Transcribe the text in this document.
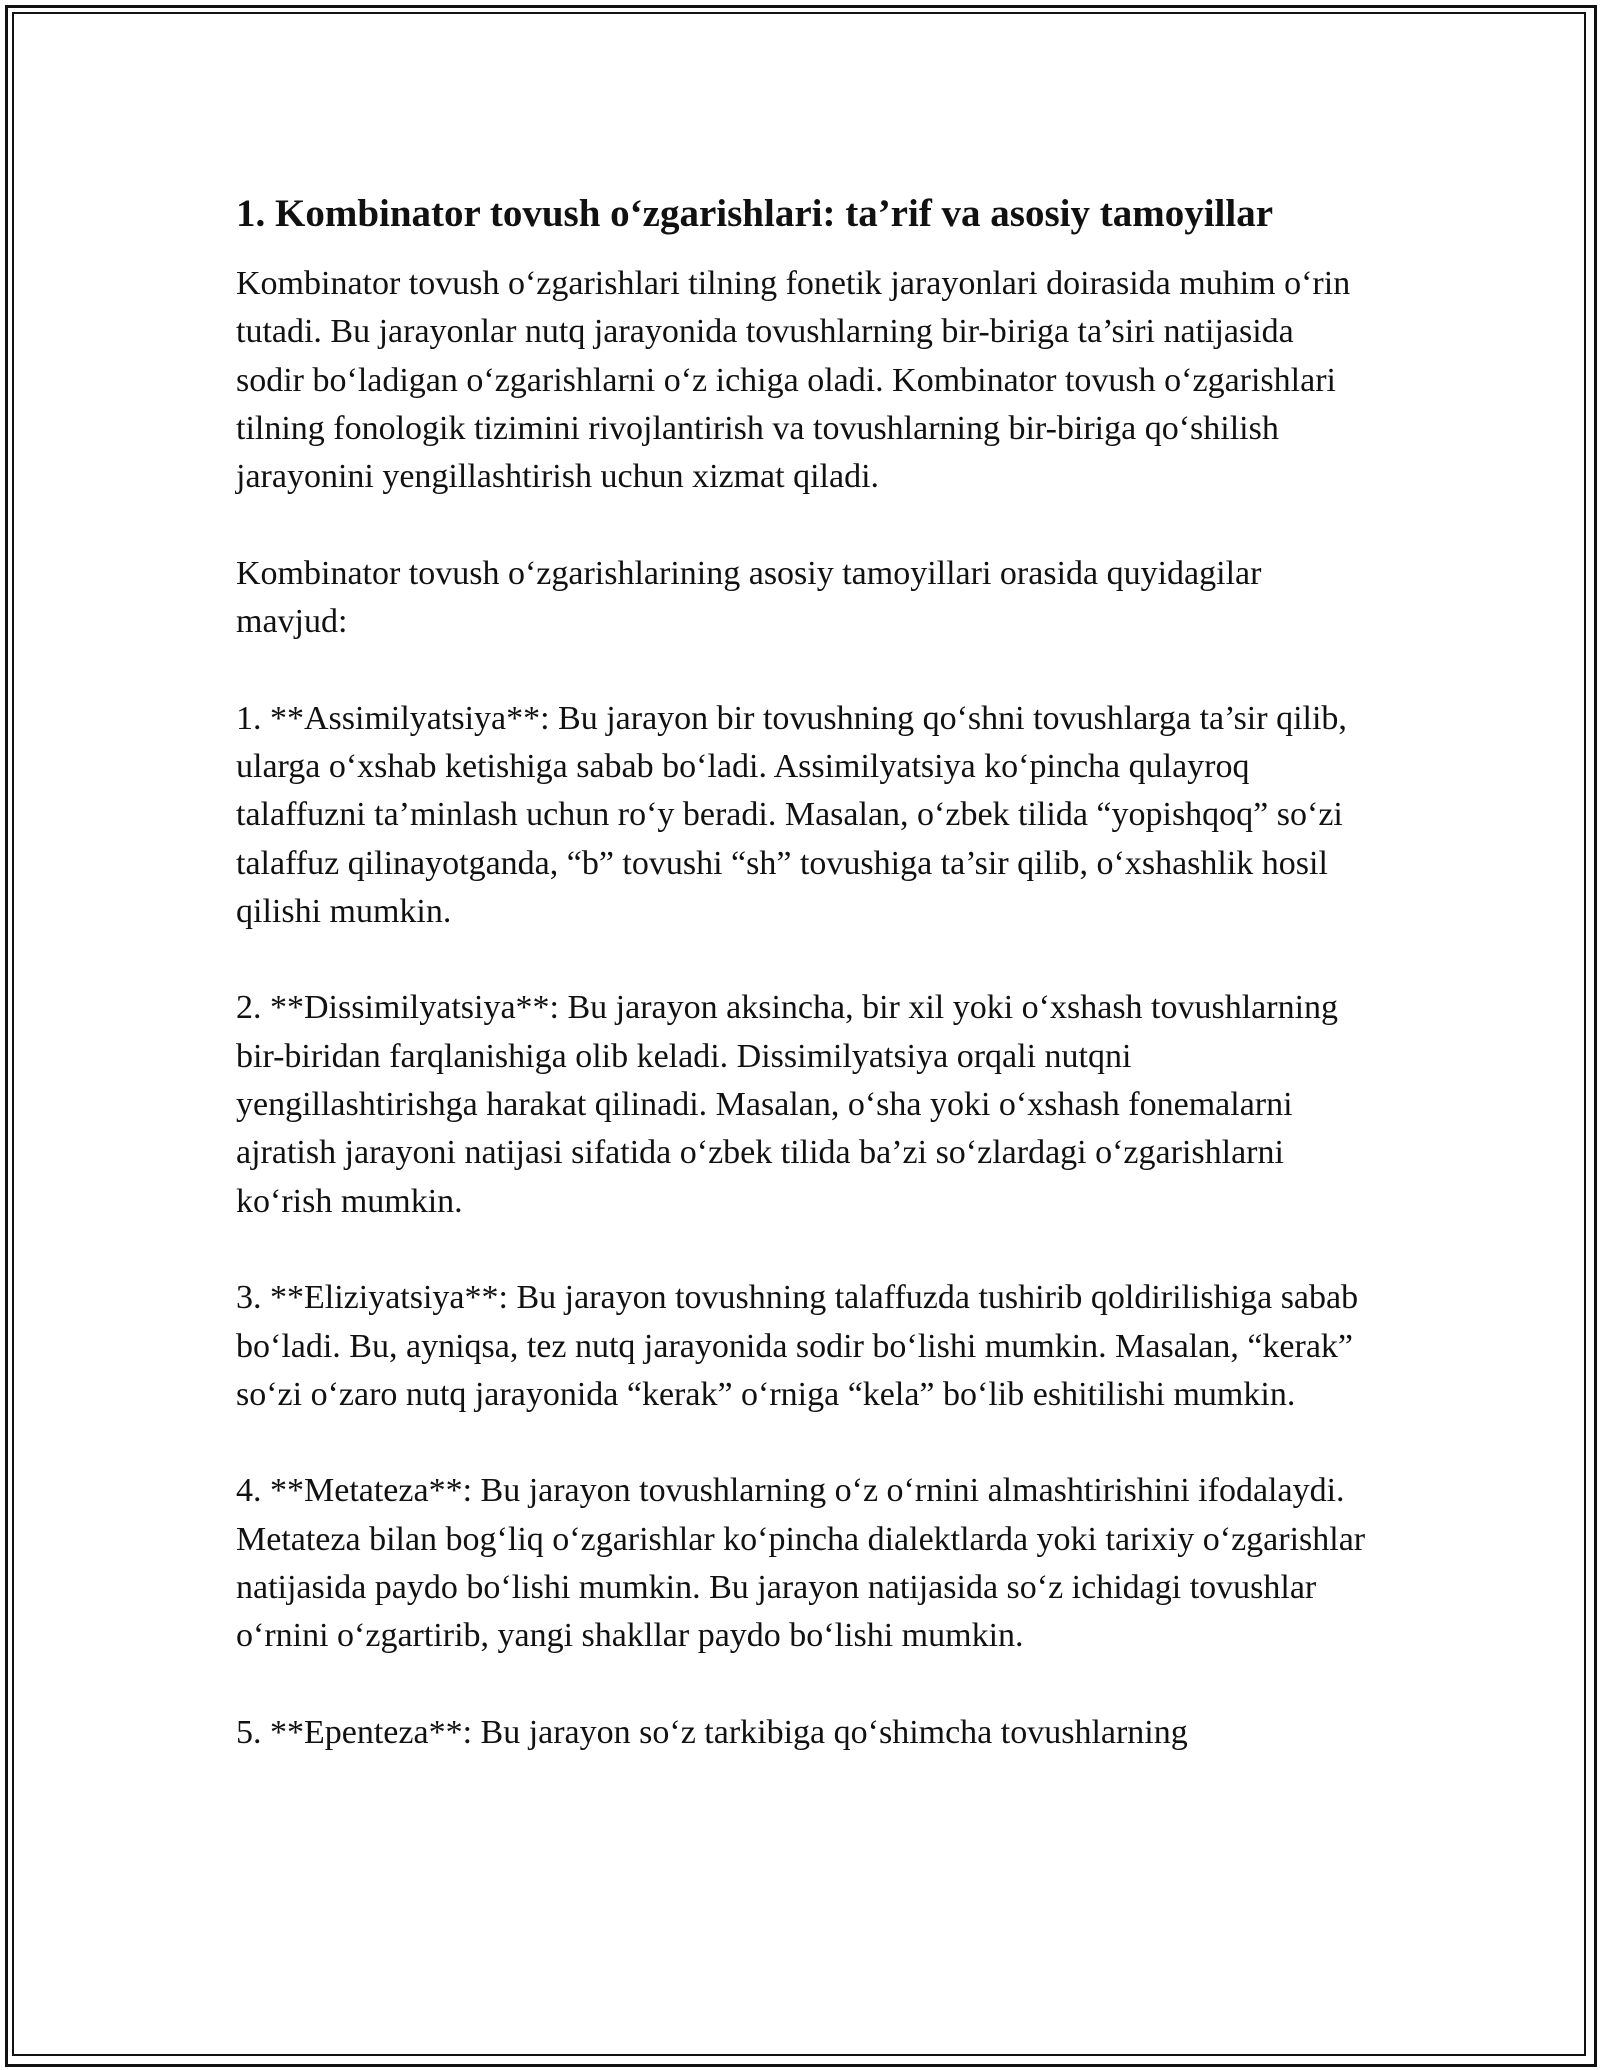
1. Kombinator tovush o‘zgarishlari: ta’rif va asosiy tamoyillar

Kombinator tovush o‘zgarishlari tilning fonetik jarayonlari doirasida muhim o‘rin tutadi. Bu jarayonlar nutq jarayonida tovushlarning bir-biriga ta’siri natijasida sodir bo‘ladigan o‘zgarishlarni o‘z ichiga oladi. Kombinator tovush o‘zgarishlari tilning fonologik tizimini rivojlantirish va tovushlarning bir-biriga qo‘shilish jarayonini yengillashtirish uchun xizmat qiladi.

Kombinator tovush o‘zgarishlarining asosiy tamoyillari orasida quyidagilar mavjud:

1. **Assimilyatsiya**: Bu jarayon bir tovushning qo‘shni tovushlarga ta’sir qilib, ularga o‘xshab ketishiga sabab bo‘ladi. Assimilyatsiya ko‘pincha qulayroq talaffuzni ta’minlash uchun ro‘y beradi. Masalan, o‘zbek tilida “yopishqoq” so‘zi talaffuz qilinayotganda, “b” tovushi “sh” tovushiga ta’sir qilib, o‘xshashlik hosil qilishi mumkin.

2. **Dissimilyatsiya**: Bu jarayon aksincha, bir xil yoki o‘xshash tovushlarning bir-biridan farqlanishiga olib keladi. Dissimilyatsiya orqali nutqni yengillashtirishga harakat qilinadi. Masalan, o‘sha yoki o‘xshash fonemalarni ajratish jarayoni natijasi sifatida o‘zbek tilida ba’zi so‘zlardagi o‘zgarishlarni ko‘rish mumkin.

3. **Eliziyatsiya**: Bu jarayon tovushning talaffuzda tushirib qoldirilishiga sabab bo‘ladi. Bu, ayniqsa, tez nutq jarayonida sodir bo‘lishi mumkin. Masalan, “kerak” so‘zi o‘zaro nutq jarayonida “kerak” o‘rniga “kela” bo‘lib eshitilishi mumkin.

4. **Metateza**: Bu jarayon tovushlarning o‘z o‘rnini almashtirishini ifodalaydi. Metateza bilan bog‘liq o‘zgarishlar ko‘pincha dialektlarda yoki tarixiy o‘zgarishlar natijasida paydo bo‘lishi mumkin. Bu jarayon natijasida so‘z ichidagi tovushlar o‘rnini o‘zgartirib, yangi shakllar paydo bo‘lishi mumkin.

5. **Epenteza**: Bu jarayon so‘z tarkibiga qo‘shimcha tovushlarning
